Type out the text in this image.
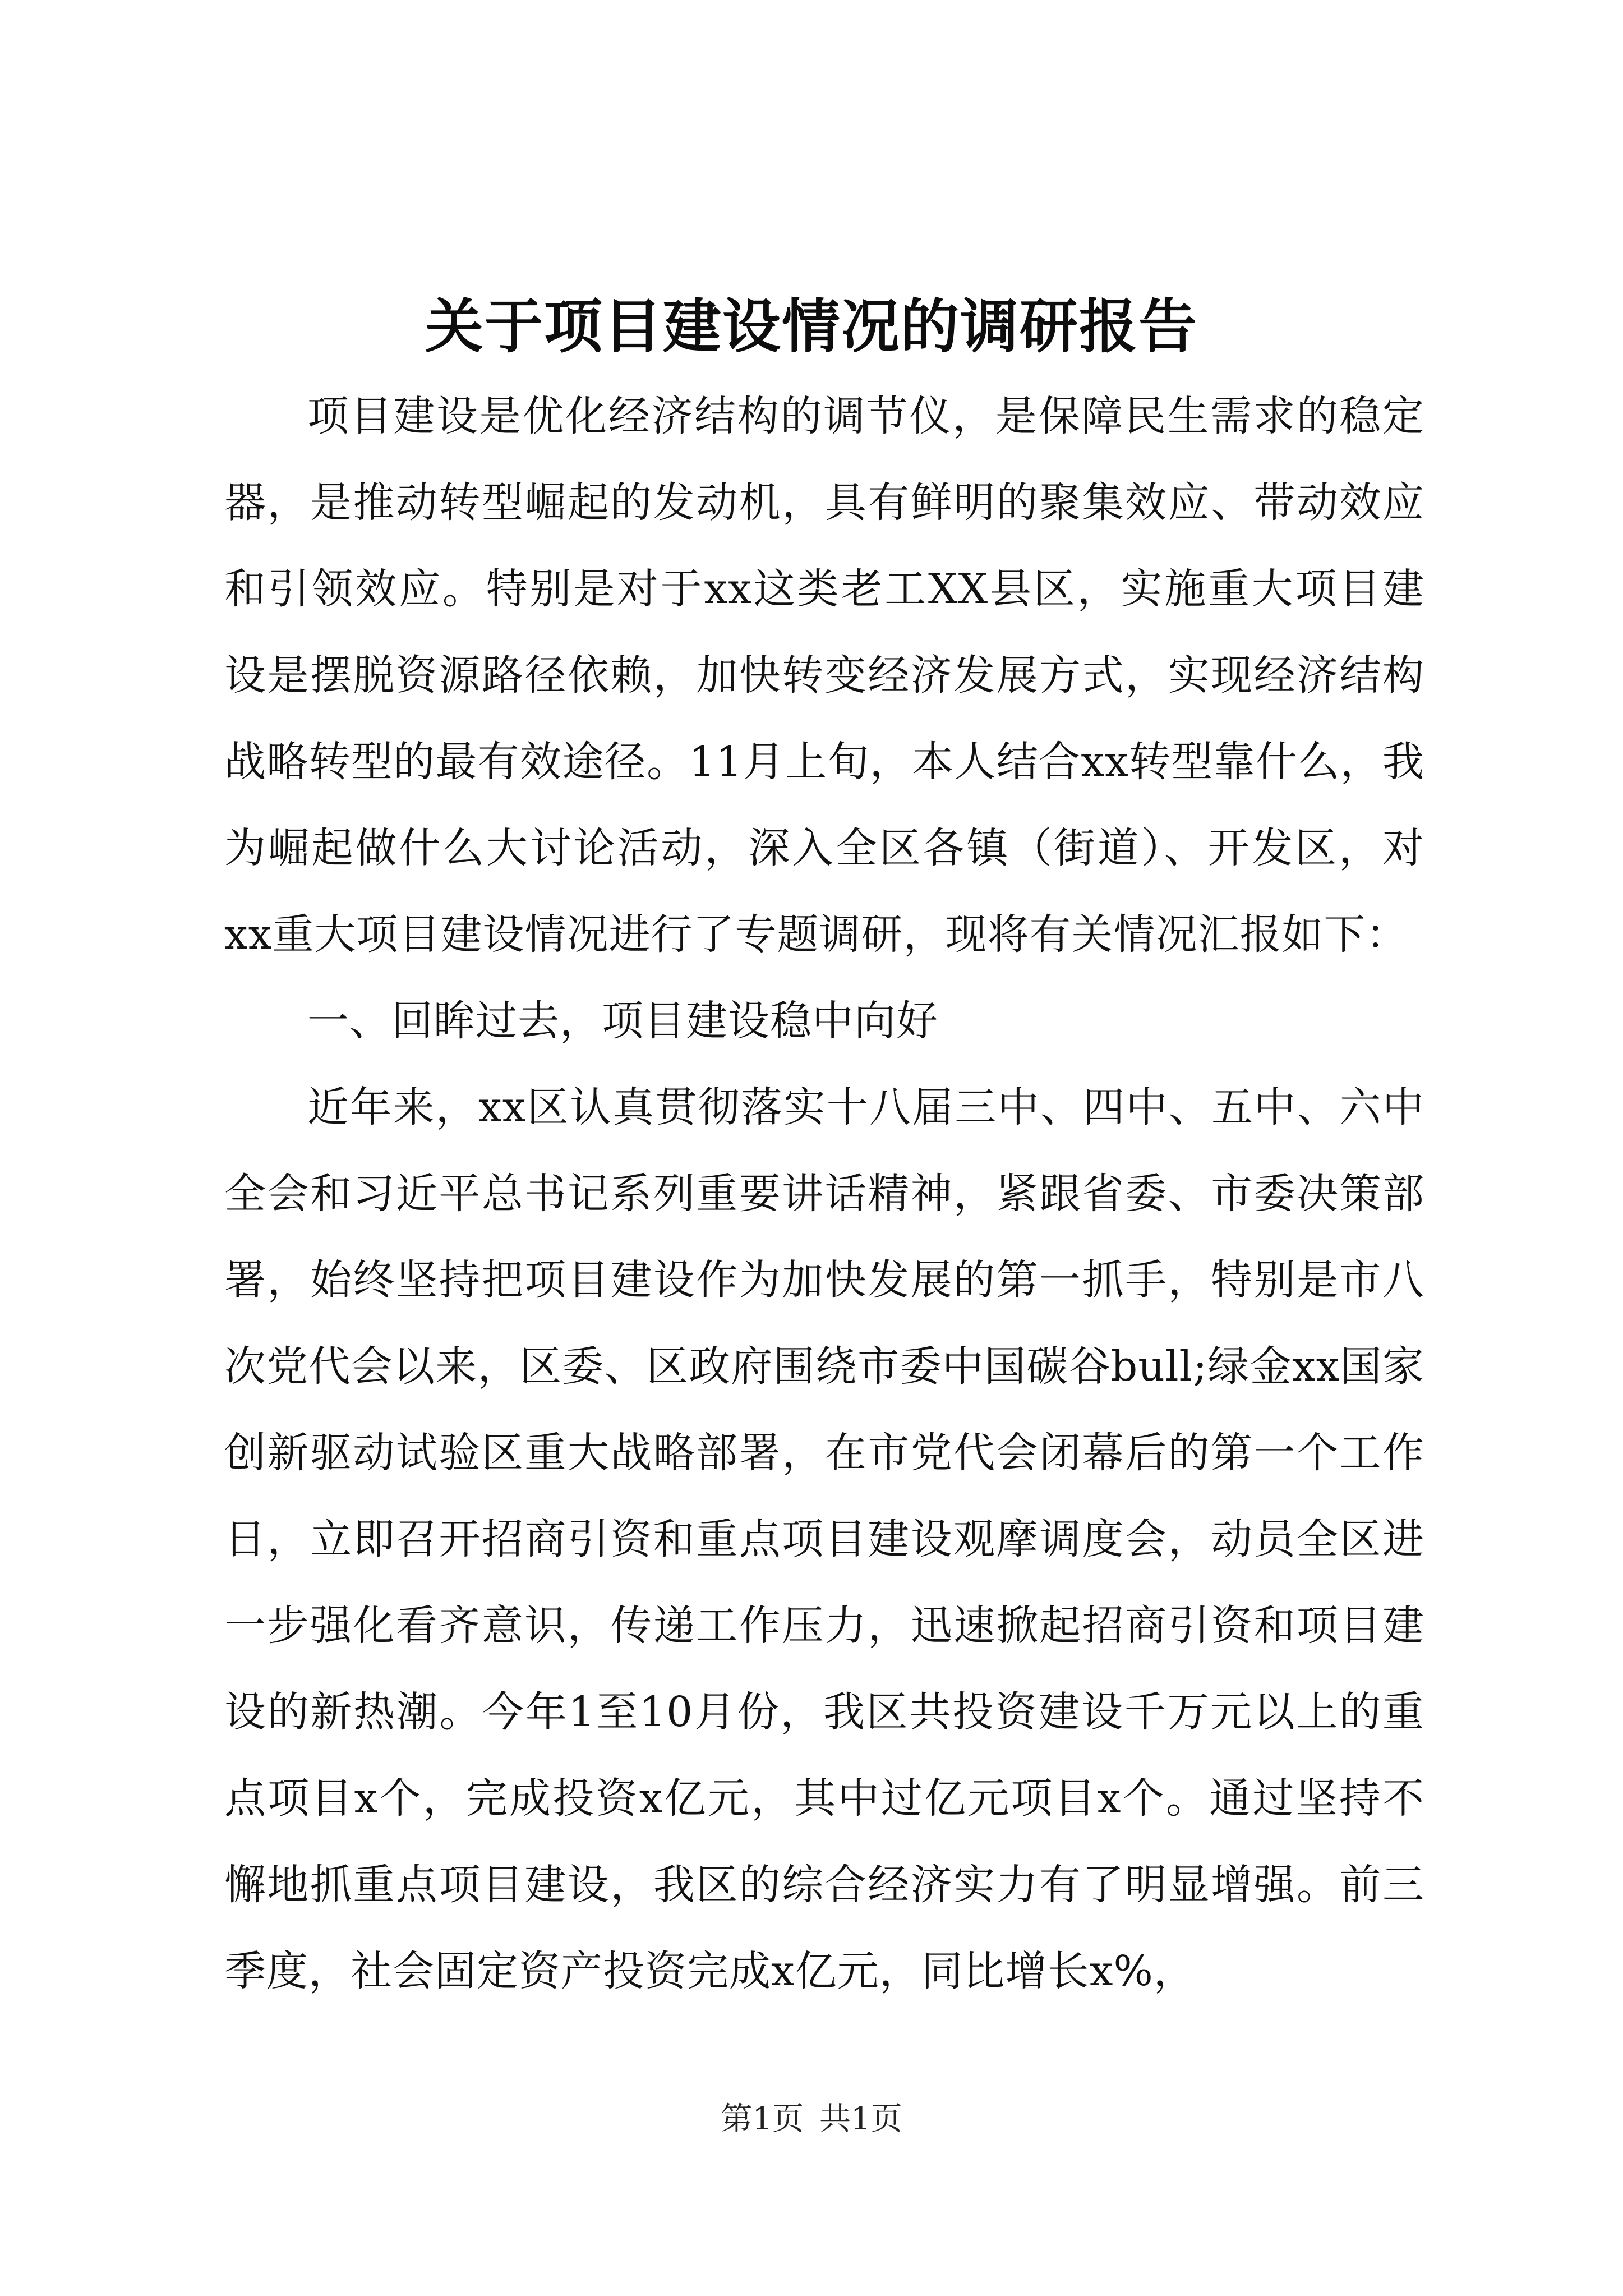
关于项目建设情况的调研报告

项目建设是优化经济结构的调节仪，是保障民生需求的稳定器，是推动转型崛起的发动机，具有鲜明的聚集效应、带动效应和引领效应。特别是对于xx这类老工XX县区，实施重大项目建设是摆脱资源路径依赖，加快转变经济发展方式，实现经济结构战略转型的最有效途径。11月上旬，本人结合xx转型靠什么，我为崛起做什么大讨论活动，深入全区各镇（街道）、开发区，对xx重大项目建设情况进行了专题调研，现将有关情况汇报如下：

一、回眸过去，项目建设稳中向好

近年来，xx区认真贯彻落实十八届三中、四中、五中、六中全会和习近平总书记系列重要讲话精神，紧跟省委、市委决策部署，始终坚持把项目建设作为加快发展的第一抓手，特别是市八次党代会以来，区委、区政府围绕市委中国碳谷bull;绿金xx国家创新驱动试验区重大战略部署，在市党代会闭幕后的第一个工作日，立即召开招商引资和重点项目建设观摩调度会，动员全区进一步强化看齐意识，传递工作压力，迅速掀起招商引资和项目建设的新热潮。今年1至10月份，我区共投资建设千万元以上的重点项目x个，完成投资x亿元，其中过亿元项目x个。通过坚持不懈地抓重点项目建设，我区的综合经济实力有了明显增强。前三季度，社会固定资产投资完成x亿元，同比增长x%，

第1页 共1页
